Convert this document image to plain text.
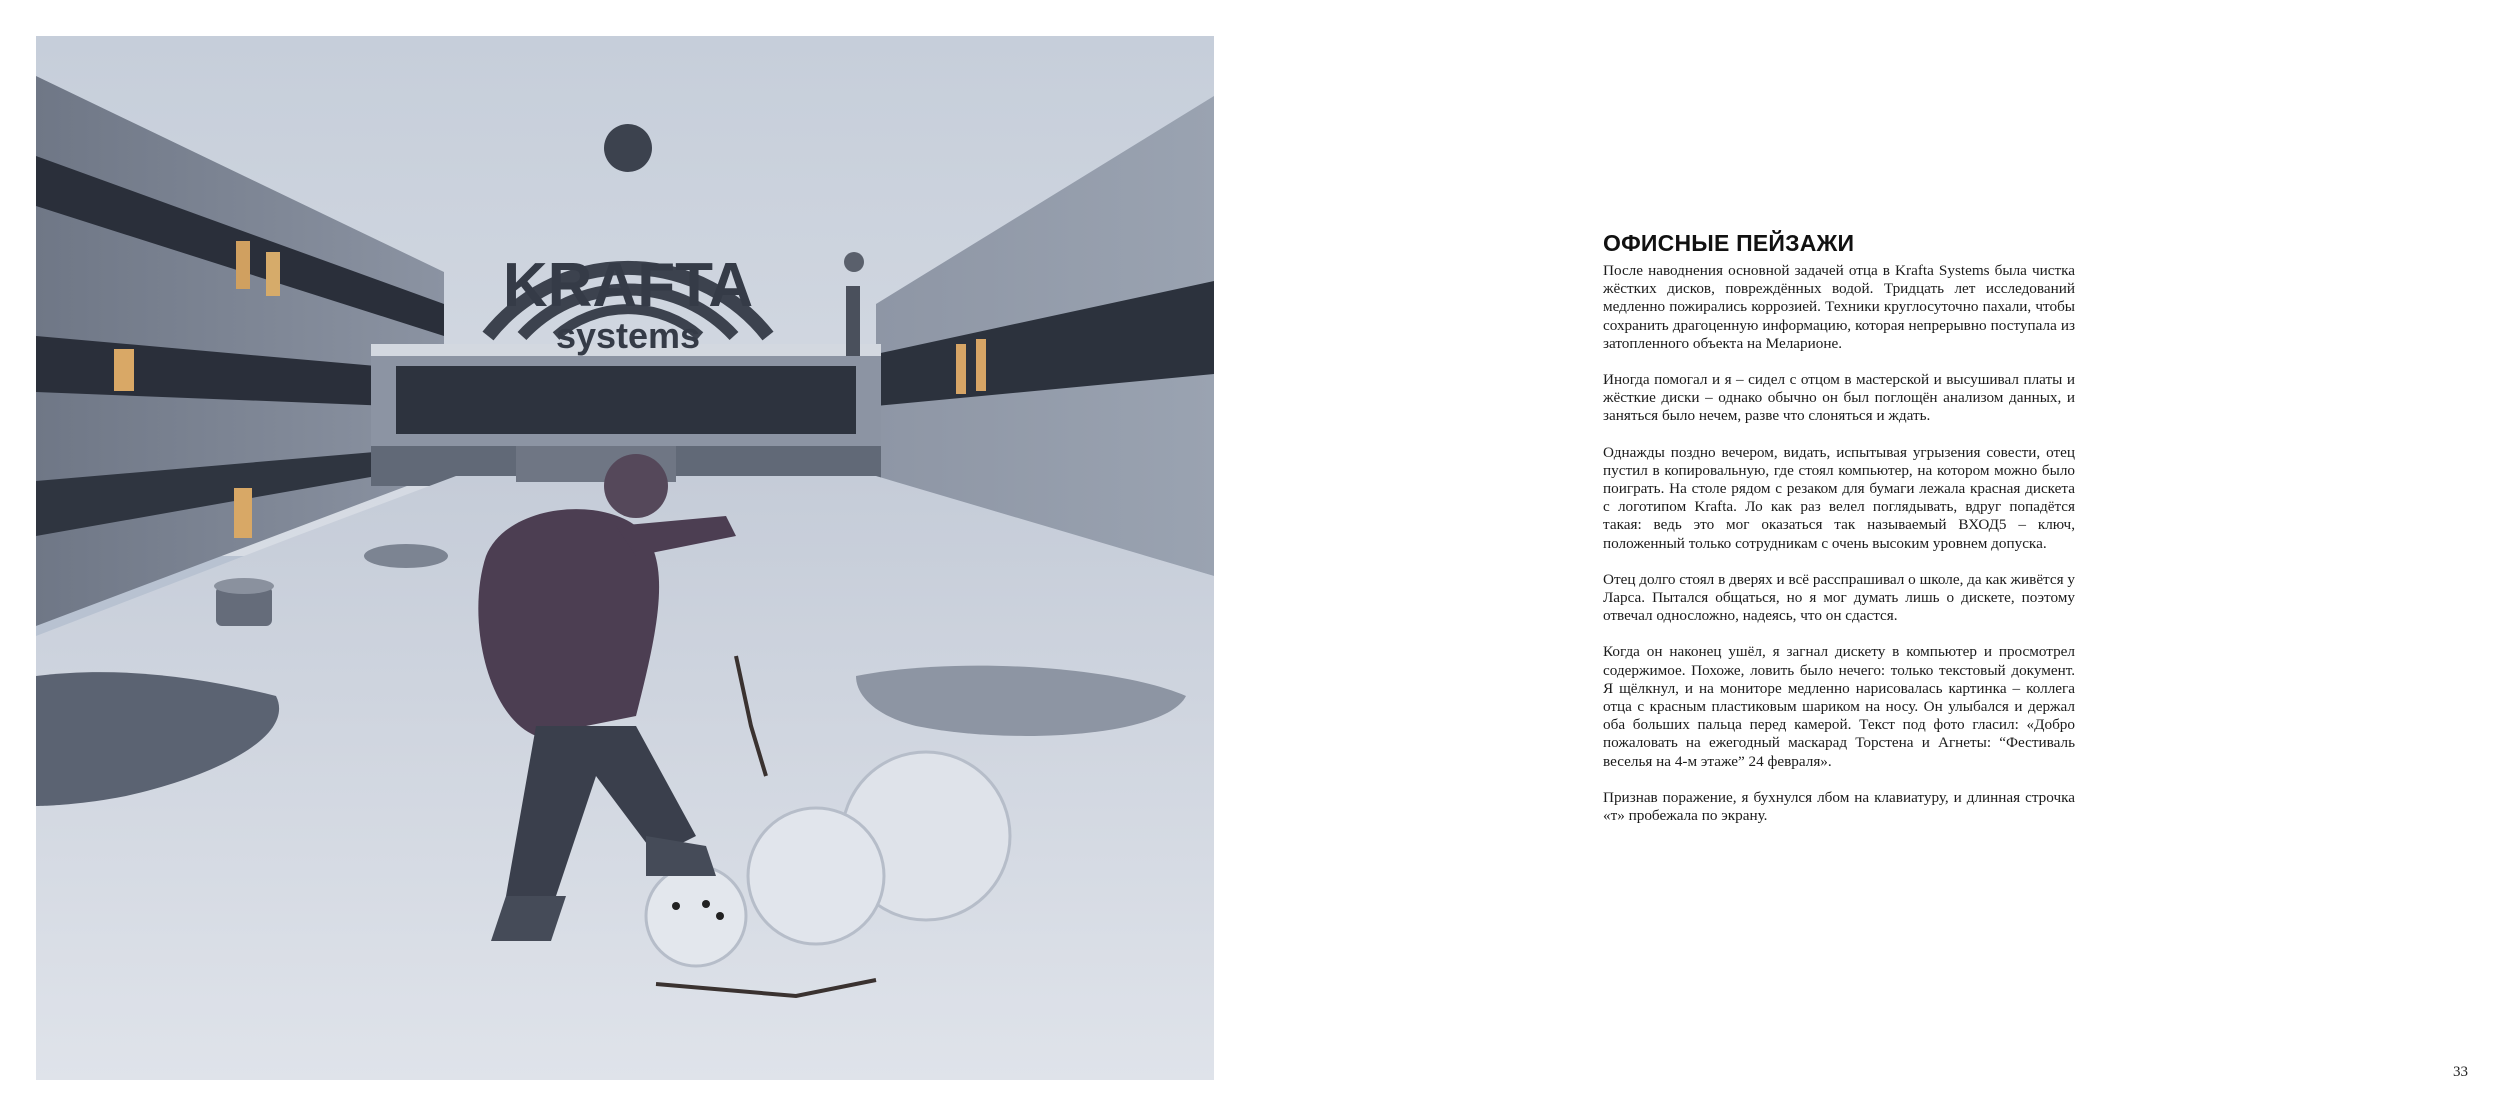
KRAFTA
systems
ОФИСНЫЕ ПЕЙЗАЖИ

После наводнения основной задачей отца в Krafta Systems была чистка жёстких дисков, повреждённых водой. Тридцать лет исследований медленно пожирались коррозией. Техники круглосуточно пахали, чтобы сохранить драгоценную информацию, которая непрерывно поступала из затопленного объекта на Меларионе.

Иногда помогал и я – сидел с отцом в мастерской и высушивал платы и жёсткие диски – однако обычно он был поглощён анализом данных, и заняться было нечем, разве что слоняться и ждать.

Однажды поздно вечером, видать, испытывая угрызения совести, отец пустил в копировальную, где стоял компьютер, на котором можно было поиграть. На столе рядом с резаком для бумаги лежала красная дискета с логотипом Krafta. Ло как раз велел поглядывать, вдруг попадётся такая: ведь это мог оказаться так называемый ВХОД5 – ключ, положенный только сотрудникам с очень высоким уровнем допуска.

Отец долго стоял в дверях и всё расспрашивал о школе, да как живётся у Ларса. Пытался общаться, но я мог думать лишь о дискете, поэтому отвечал односложно, надеясь, что он сдастся.

Когда он наконец ушёл, я загнал дискету в компьютер и просмотрел содержимое. Похоже, ловить было нечего: только текстовый документ. Я щёлкнул, и на мониторе медленно нарисовалась картинка – коллега отца с красным пластиковым шариком на носу. Он улыбался и держал оба больших пальца перед камерой. Текст под фото гласил: «Добро пожаловать на ежегодный маскарад Торстена и Агнеты: “Фестиваль веселья на 4-м этаже” 24 февраля».

Признав поражение, я бухнулся лбом на клавиатуру, и длинная строчка «т» пробежала по экрану.

33
